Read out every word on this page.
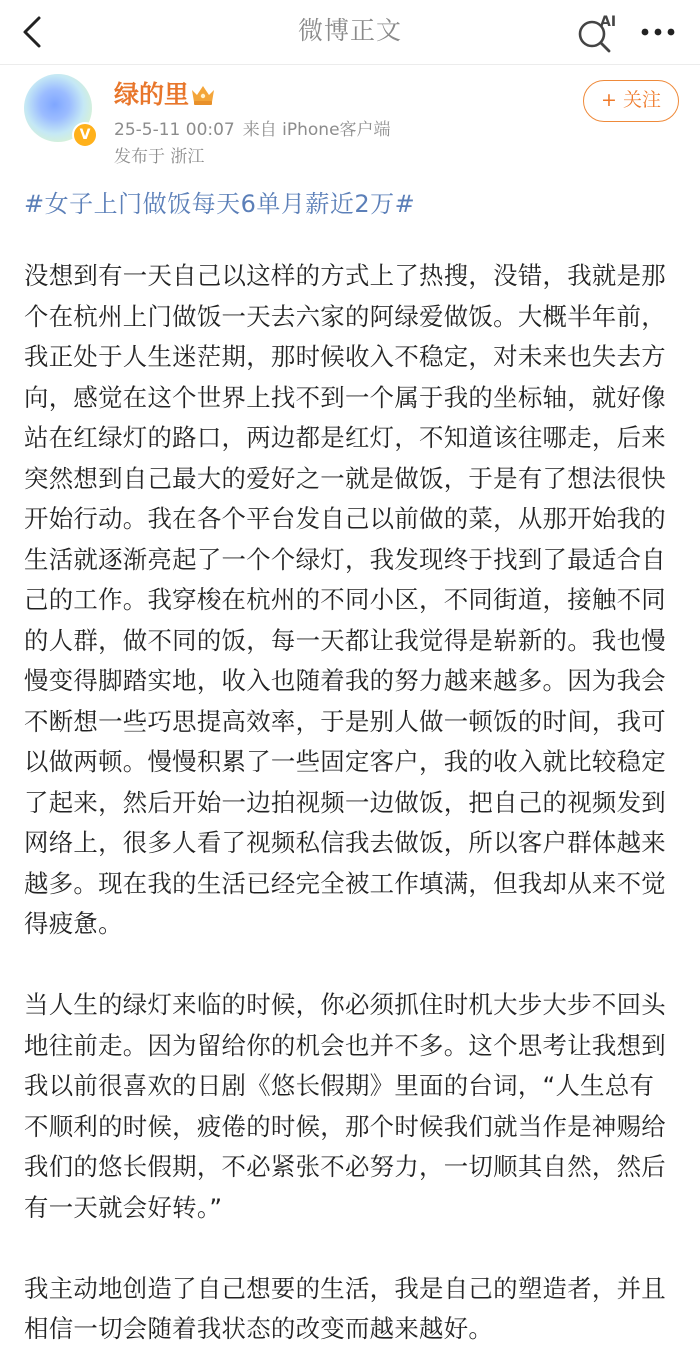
微博正文	AI
V
绿的里
25-5-11 00:07 来自 iPhone客户端
发布于 浙江
+ 关注
#女子上门做饭每天6单月薪近2万#

没想到有一天自己以这样的方式上了热搜，没错，我就是那个在杭州上门做饭一天去六家的阿绿爱做饭。大概半年前，我正处于人生迷茫期，那时候收入不稳定，对未来也失去方向，感觉在这个世界上找不到一个属于我的坐标轴，就好像站在红绿灯的路口，两边都是红灯，不知道该往哪走，后来突然想到自己最大的爱好之一就是做饭，于是有了想法很快开始行动。我在各个平台发自己以前做的菜，从那开始我的生活就逐渐亮起了一个个绿灯，我发现终于找到了最适合自己的工作。我穿梭在杭州的不同小区，不同街道，接触不同的人群，做不同的饭，每一天都让我觉得是崭新的。我也慢慢变得脚踏实地，收入也随着我的努力越来越多。因为我会不断想一些巧思提高效率，于是别人做一顿饭的时间，我可以做两顿。慢慢积累了一些固定客户，我的收入就比较稳定了起来，然后开始一边拍视频一边做饭，把自己的视频发到网络上，很多人看了视频私信我去做饭，所以客户群体越来越多。现在我的生活已经完全被工作填满，但我却从来不觉得疲惫。

当人生的绿灯来临的时候，你必须抓住时机大步大步不回头地往前走。因为留给你的机会也并不多。这个思考让我想到我以前很喜欢的日剧《悠长假期》里面的台词，“人生总有不顺利的时候，疲倦的时候，那个时候我们就当作是神赐给我们的悠长假期，不必紧张不必努力，一切顺其自然，然后有一天就会好转。”

我主动地创造了自己想要的生活，我是自己的塑造者，并且相信一切会随着我状态的改变而越来越好。
